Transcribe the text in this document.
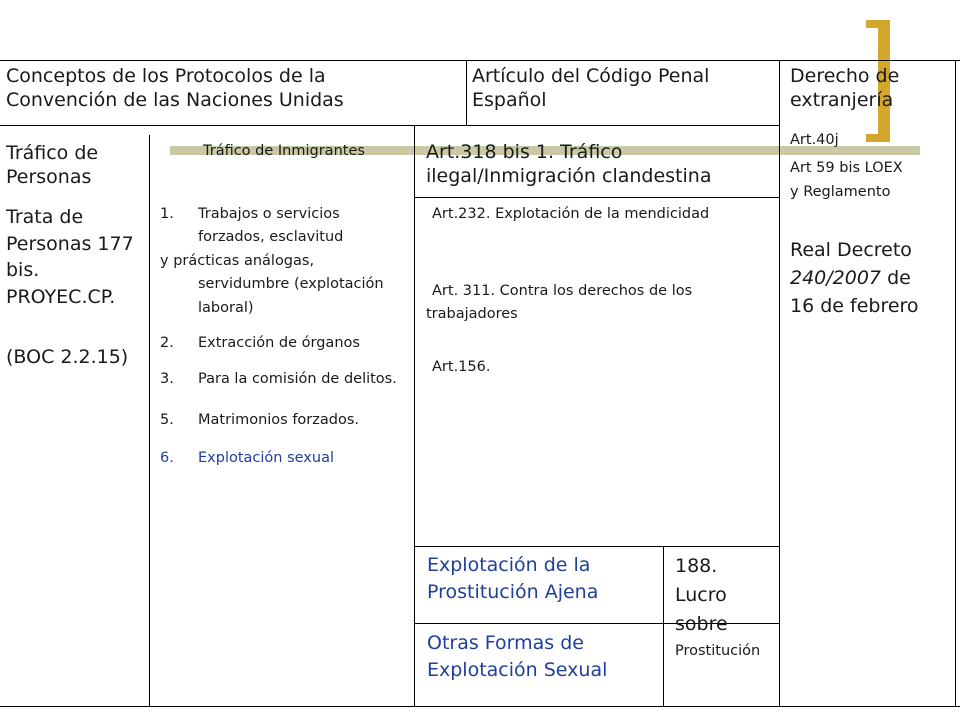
Conceptos de los Protocolos de la Convención de las Naciones Unidas
Artículo del Código Penal Español
Derecho de extranjería
Tráfico de Personas
Tráfico de Inmigrantes	Art.318 bis 1. Tráfico ilegal/Inmigración clandestina
Art.40j
Art 59 bis LOEX
y Reglamento
Real Decreto
240/2007 de
16 de febrero
Trata de Personas 177 bis. PROYEC.CP.
(BOC 2.2.15)
1. Trabajos o servicios forzados, esclavitud
y prácticas análogas,
servidumbre (explotación laboral)
2. Extracción de órganos
3. Para la comisión de delitos.
5. Matrimonios forzados.
6. Explotación sexual
Art.232. Explotación de la mendicidad
Art. 311. Contra los derechos de los trabajadores
Art.156.
Explotación de la Prostitución Ajena
Otras Formas de Explotación Sexual
188. Lucro sobre
Prostitución
